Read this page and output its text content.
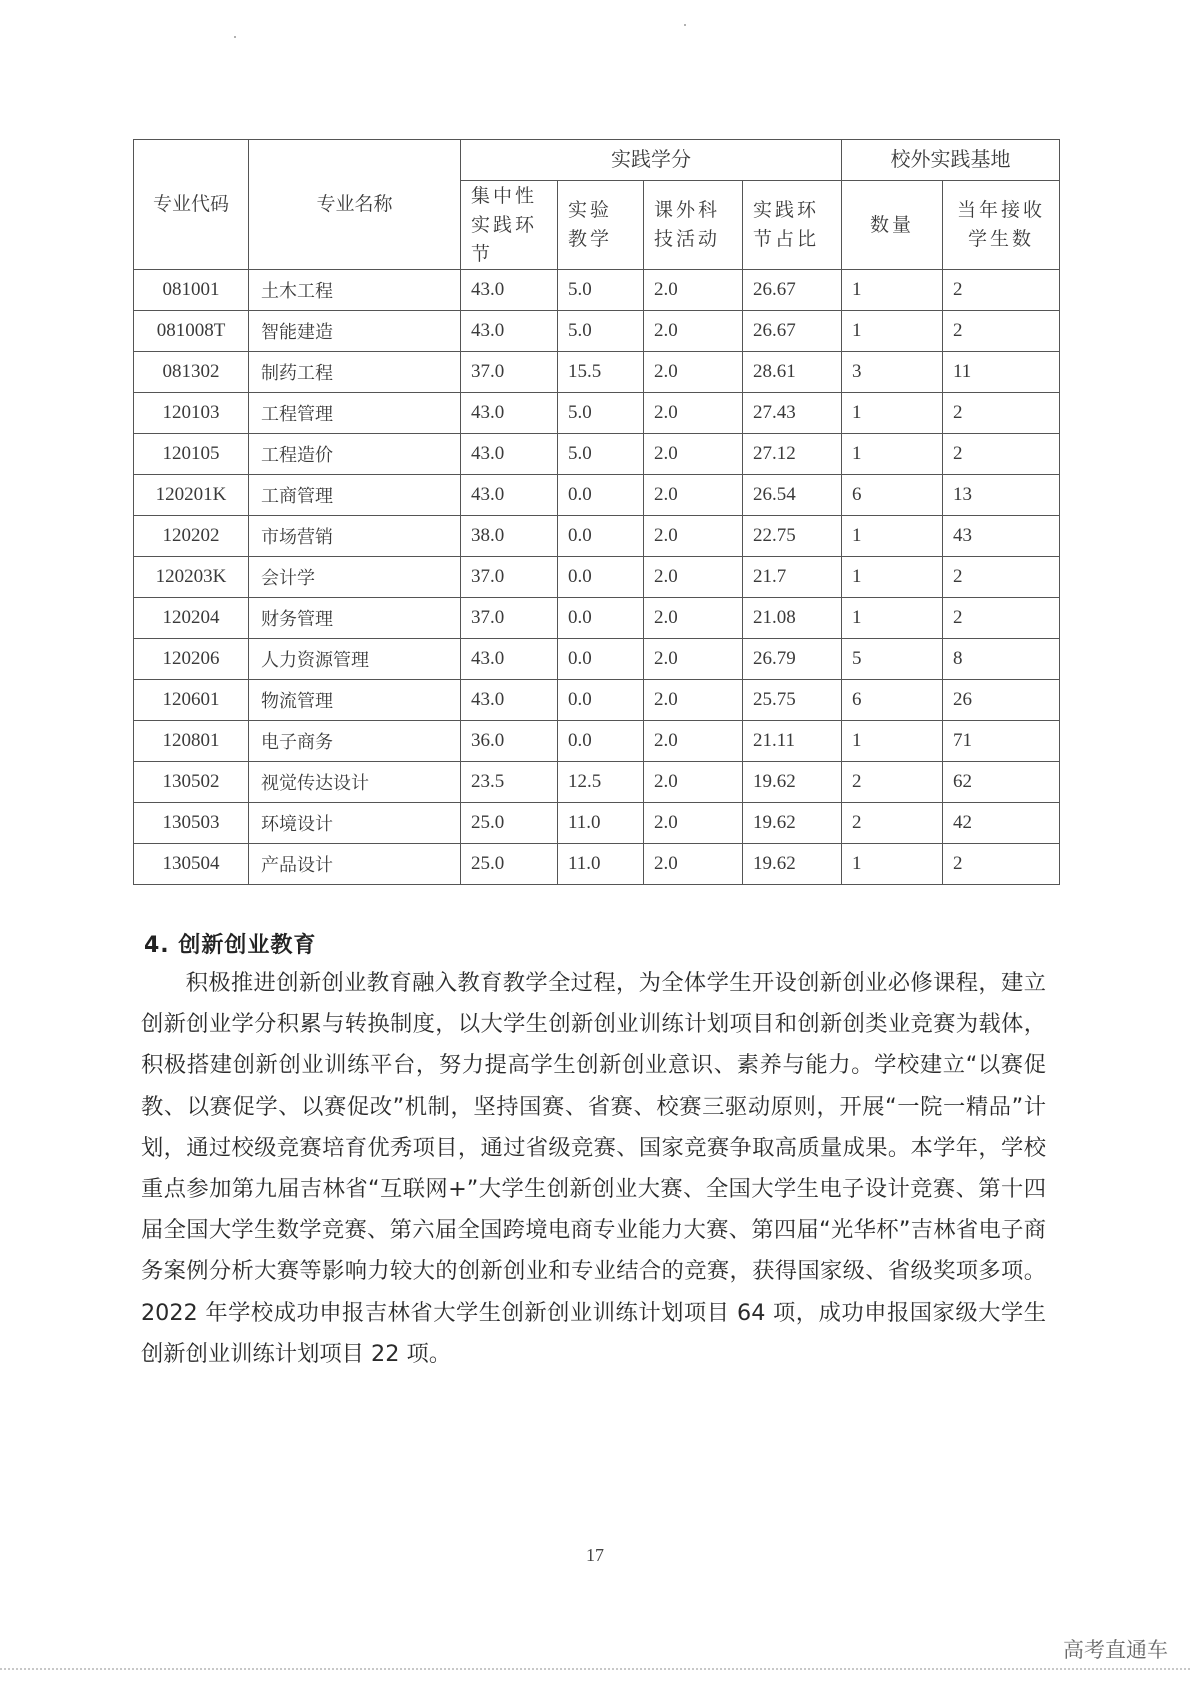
专业代码	专业名称	实践学分				校外实践基地	
		集中性实践环节	实验教学	课外科技活动	实践环节占比	数量	当年接收学生数
081001	土木工程	43.0	5.0	2.0	26.67	1	2
081008T	智能建造	43.0	5.0	2.0	26.67	1	2
081302	制药工程	37.0	15.5	2.0	28.61	3	11
120103	工程管理	43.0	5.0	2.0	27.43	1	2
120105	工程造价	43.0	5.0	2.0	27.12	1	2
120201K	工商管理	43.0	0.0	2.0	26.54	6	13
120202	市场营销	38.0	0.0	2.0	22.75	1	43
120203K	会计学	37.0	0.0	2.0	21.7	1	2
120204	财务管理	37.0	0.0	2.0	21.08	1	2
120206	人力资源管理	43.0	0.0	2.0	26.79	5	8
120601	物流管理	43.0	0.0	2.0	25.75	6	26
120801	电子商务	36.0	0.0	2.0	21.11	1	71
130502	视觉传达设计	23.5	12.5	2.0	19.62	2	62
130503	环境设计	25.0	11.0	2.0	19.62	2	42
130504	产品设计	25.0	11.0	2.0	19.62	1	2
4. 创新创业教育

积极推进创新创业教育融入教育教学全过程，为全体学生开设创新创业必修课程，建立创新创业学分积累与转换制度，以大学生创新创业训练计划项目和创新创类业竞赛为载体，积极搭建创新创业训练平台，努力提高学生创新创业意识、素养与能力。学校建立“以赛促教、以赛促学、以赛促改”机制，坚持国赛、省赛、校赛三驱动原则，开展“一院一精品”计划，通过校级竞赛培育优秀项目，通过省级竞赛、国家竞赛争取高质量成果。本学年，学校重点参加第九届吉林省“互联网+”大学生创新创业大赛、全国大学生电子设计竞赛、第十四届全国大学生数学竞赛、第六届全国跨境电商专业能力大赛、第四届“光华杯”吉林省电子商务案例分析大赛等影响力较大的创新创业和专业结合的竞赛，获得国家级、省级奖项多项。2022 年学校成功申报吉林省大学生创新创业训练计划项目 64 项，成功申报国家级大学生创新创业训练计划项目 22 项。

17
高考直通车
